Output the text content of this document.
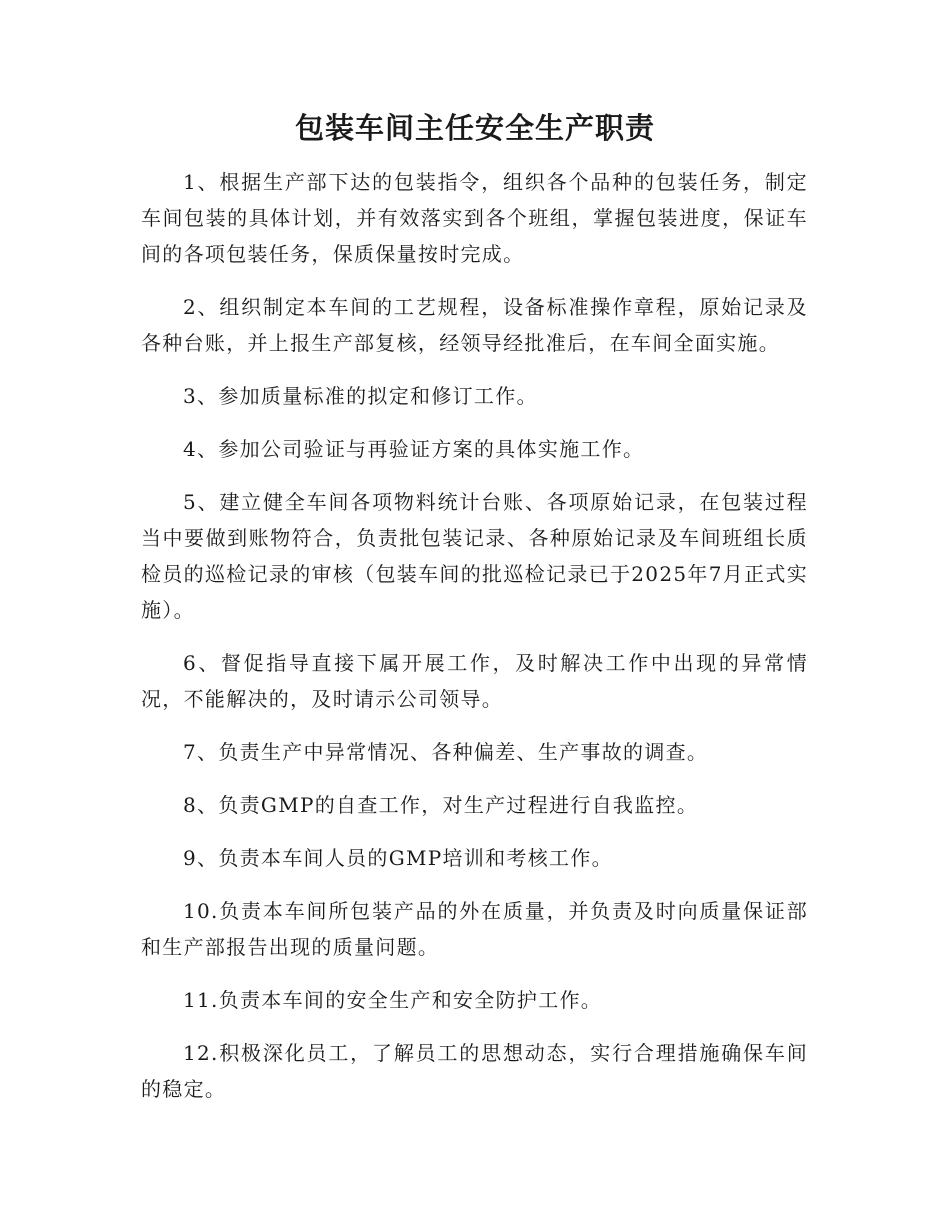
包装车间主任安全生产职责

1、根据生产部下达的包装指令，组织各个品种的包装任务，制定车间包装的具体计划，并有效落实到各个班组，掌握包装进度，保证车间的各项包装任务，保质保量按时完成。

2、组织制定本车间的工艺规程，设备标准操作章程，原始记录及各种台账，并上报生产部复核，经领导经批准后，在车间全面实施。

3、参加质量标准的拟定和修订工作。

4、参加公司验证与再验证方案的具体实施工作。

5、建立健全车间各项物料统计台账、各项原始记录，在包装过程当中要做到账物符合，负责批包装记录、各种原始记录及车间班组长质检员的巡检记录的审核（包装车间的批巡检记录已于2025年7月正式实施）。

6、督促指导直接下属开展工作，及时解决工作中出现的异常情况，不能解决的，及时请示公司领导。

7、负责生产中异常情况、各种偏差、生产事故的调查。

8、负责GMP的自查工作，对生产过程进行自我监控。

9、负责本车间人员的GMP培训和考核工作。

10.负责本车间所包装产品的外在质量，并负责及时向质量保证部和生产部报告出现的质量问题。

11.负责本车间的安全生产和安全防护工作。

12.积极深化员工，了解员工的思想动态，实行合理措施确保车间的稳定。
